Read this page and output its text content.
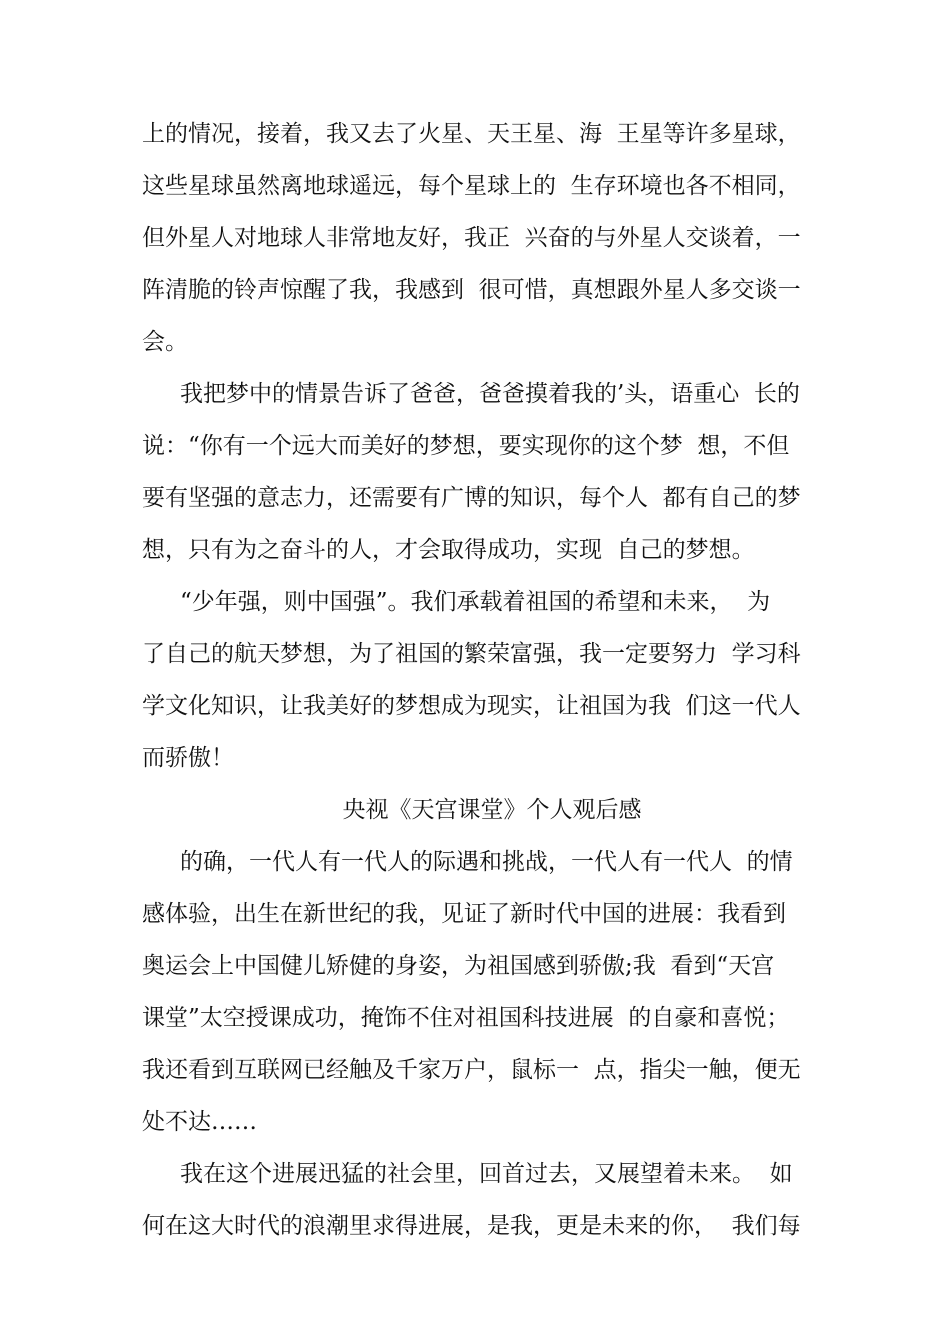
上的情况，接着，我又去了火星、天王星、海  王星等许多星球，
这些星球虽然离地球遥远，每个星球上的  生存环境也各不相同，
但外星人对地球人非常地友好，我正  兴奋的与外星人交谈着，一
阵清脆的铃声惊醒了我，我感到  很可惜，真想跟外星人多交谈一
会。
我把梦中的情景告诉了爸爸，爸爸摸着我的’头，语重心  长的
说：“你有一个远大而美好的梦想，要实现你的这个梦  想，不但
要有坚强的意志力，还需要有广博的知识，每个人  都有自己的梦
想，只有为之奋斗的人，才会取得成功，实现  自己的梦想。
“少年强，则中国强”。我们承载着祖国的希望和未来，  为
了自己的航天梦想，为了祖国的繁荣富强，我一定要努力  学习科
学文化知识，让我美好的梦想成为现实，让祖国为我  们这一代人
而骄傲！
央视《天宫课堂》个人观后感
的确，一代人有一代人的际遇和挑战，一代人有一代人  的情
感体验，出生在新世纪的我，见证了新时代中国的进展：我看到
奥运会上中国健儿矫健的身姿，为祖国感到骄傲;我  看到“天宫
课堂”太空授课成功，掩饰不住对祖国科技进展  的自豪和喜悦；
我还看到互联网已经触及千家万户，鼠标一  点，指尖一触，便无
处不达……
我在这个进展迅猛的社会里，回首过去，又展望着未来。  如
何在这大时代的浪潮里求得进展，是我，更是未来的你，  我们每
